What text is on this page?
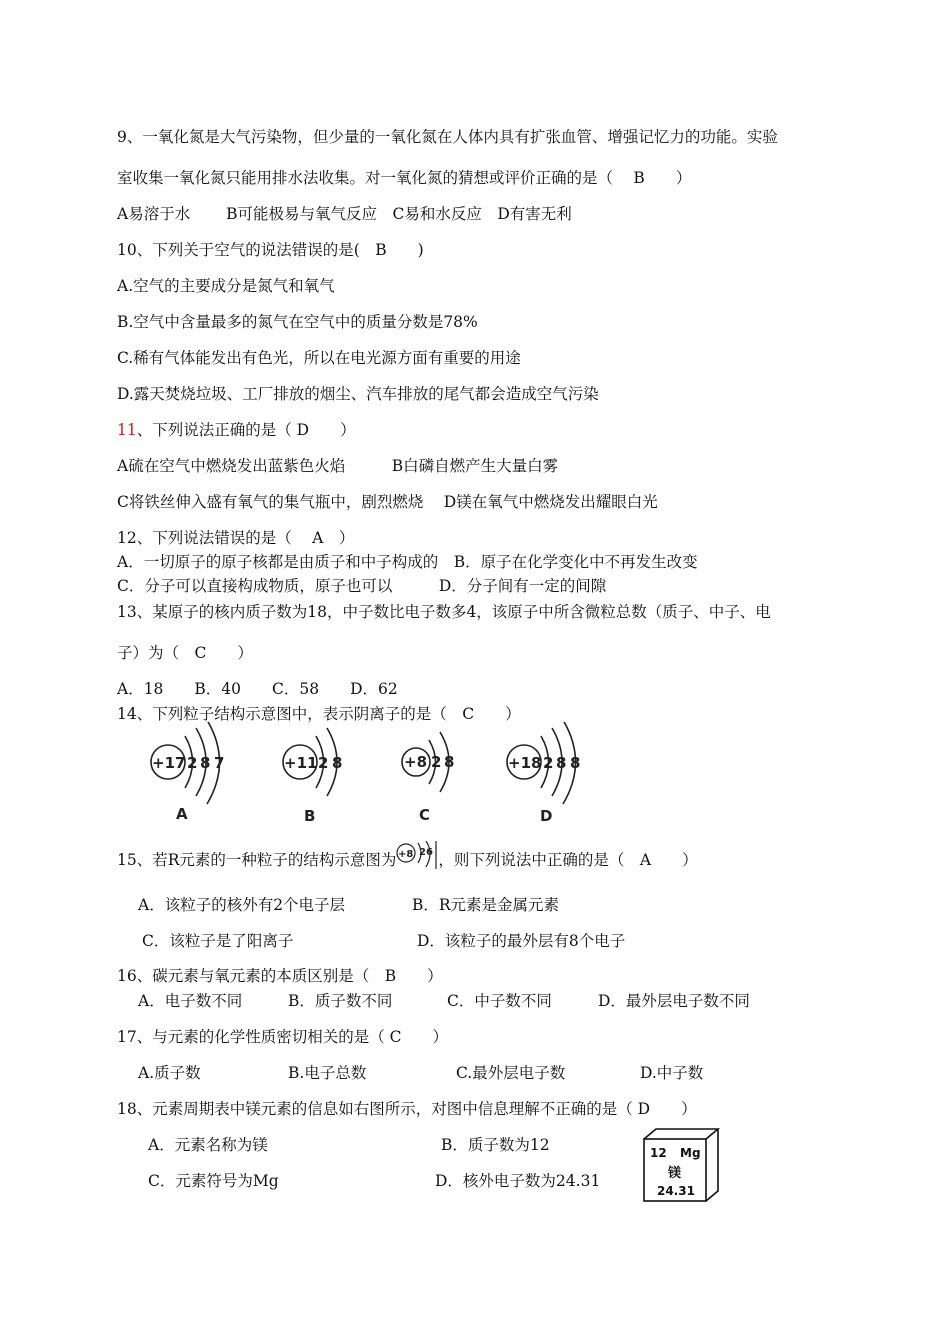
9、一氧化氮是大气污染物，但少量的一氧化氮在人体内具有扩张血管、增强记忆力的功能。实验
室收集一氧化氮只能用排水法收集。对一氧化氮的猜想或评价正确的是（　 B　　）
A易溶于水　　 B可能极易与氧气反应　C易和水反应　D有害无利
10、下列关于空气的说法错误的是(　B　　)
A.空气的主要成分是氮气和氧气
B.空气中含量最多的氮气在空气中的质量分数是78%
C.稀有气体能发出有色光，所以在电光源方面有重要的用途
D.露天焚烧垃圾、工厂排放的烟尘、汽车排放的尾气都会造成空气污染
11、下列说法正确的是（ D　　）
A硫在空气中燃烧发出蓝紫色火焰　　　B白磷自燃产生大量白雾
C将铁丝伸入盛有氧气的集气瓶中，剧烈燃烧　 D镁在氧气中燃烧发出耀眼白光
12、下列说法错误的是（　 A　）
A．一切原子的原子核都是由质子和中子构成的　B．原子在化学变化中不再发生改变
C．分子可以直接构成物质，原子也可以　　　D．分子间有一定的间隙
13、某原子的核内质子数为18，中子数比电子数多4，该原子中所含微粒总数（质子、中子、电
子）为（　C　　）
A．18　　B．40　　C．58　　D．62
14、下列粒子结构示意图中，表示阴离子的是（　C　　）
+17 2 8 7
A
+11 2 8
B
+8 2 8
C
+18 2 8 8
D
15、若R元素的一种粒子的结构示意图为 +8 2 6 ，则下列说法中正确的是（　A　　）
A．该粒子的核外有2个电子层	B．R元素是金属元素
C．该粒子是了阳离子	D．该粒子的最外层有8个电子
16、碳元素与氧元素的本质区别是（　B　　）
A．电子数不同	B．质子数不同	C．中子数不同	D．最外层电子数不同
17、与元素的化学性质密切相关的是（ C　　）
A.质子数	B.电子总数	C.最外层电子数	D.中子数
18、元素周期表中镁元素的信息如右图所示，对图中信息理解不正确的是（ D　　）
A．元素名称为镁	B．质子数为12
C．元素符号为Mg	D．核外电子数为24.31
12 Mg
镁
24.31
